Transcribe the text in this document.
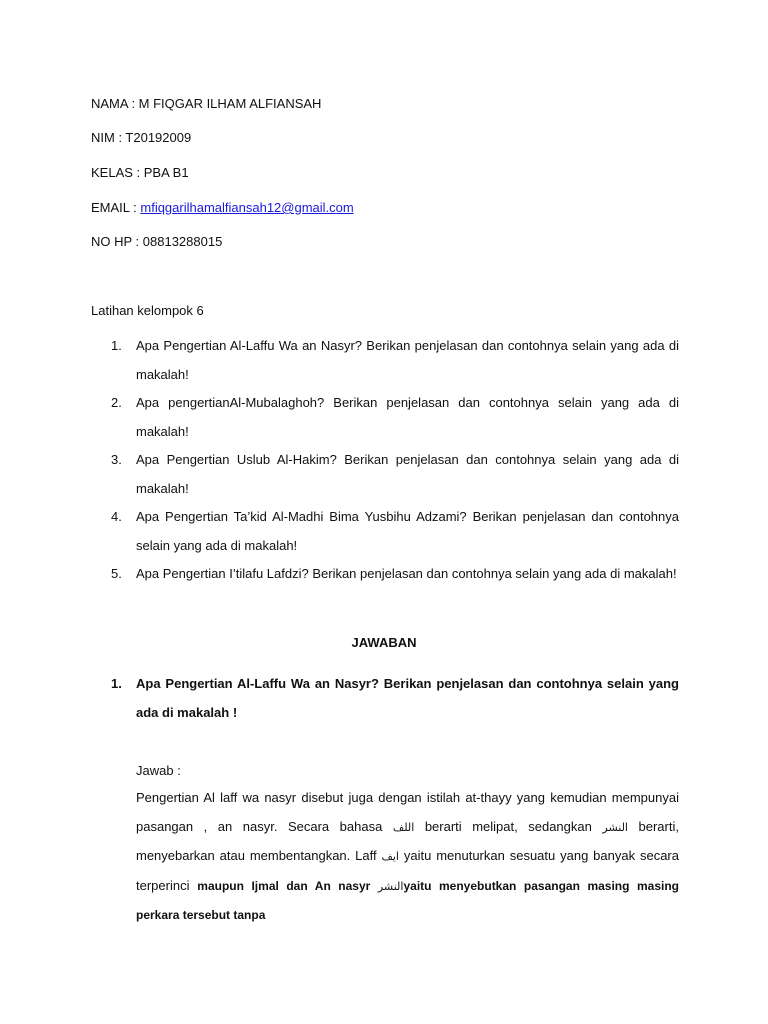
NAMA : M FIQGAR ILHAM ALFIANSAH
NIM : T20192009
KELAS : PBA B1
EMAIL : mfiqgarilhamalfiansah12@gmail.com
NO HP : 08813288015
Latihan kelompok 6
1. Apa Pengertian Al-Laffu Wa an Nasyr? Berikan penjelasan dan contohnya selain yang ada di makalah!
2. Apa pengertianAl-Mubalaghoh? Berikan penjelasan dan contohnya selain yang ada di makalah!
3. Apa Pengertian Uslub Al-Hakim? Berikan penjelasan dan contohnya selain yang ada di makalah!
4. Apa Pengertian Ta’kid Al-Madhi Bima Yusbihu Adzami? Berikan penjelasan dan contohnya selain yang ada di makalah!
5. Apa Pengertian I’tilafu Lafdzi? Berikan penjelasan dan contohnya selain yang ada di makalah!
JAWABAN
1. Apa Pengertian Al-Laffu Wa an Nasyr? Berikan penjelasan dan contohnya selain yang ada di makalah !
Jawab :
Pengertian Al laff wa nasyr disebut juga dengan istilah at-thayy yang kemudian mempunyai pasangan , an nasyr. Secara bahasa اللف berarti melipat, sedangkan النشر berarti, menyebarkan atau membentangkan. Laff ايف yaitu menuturkan sesuatu yang banyak secara terperinci maupun Ijmal dan An nasyr النشرyaitu menyebutkan pasangan masing masing perkara tersebut tanpa
